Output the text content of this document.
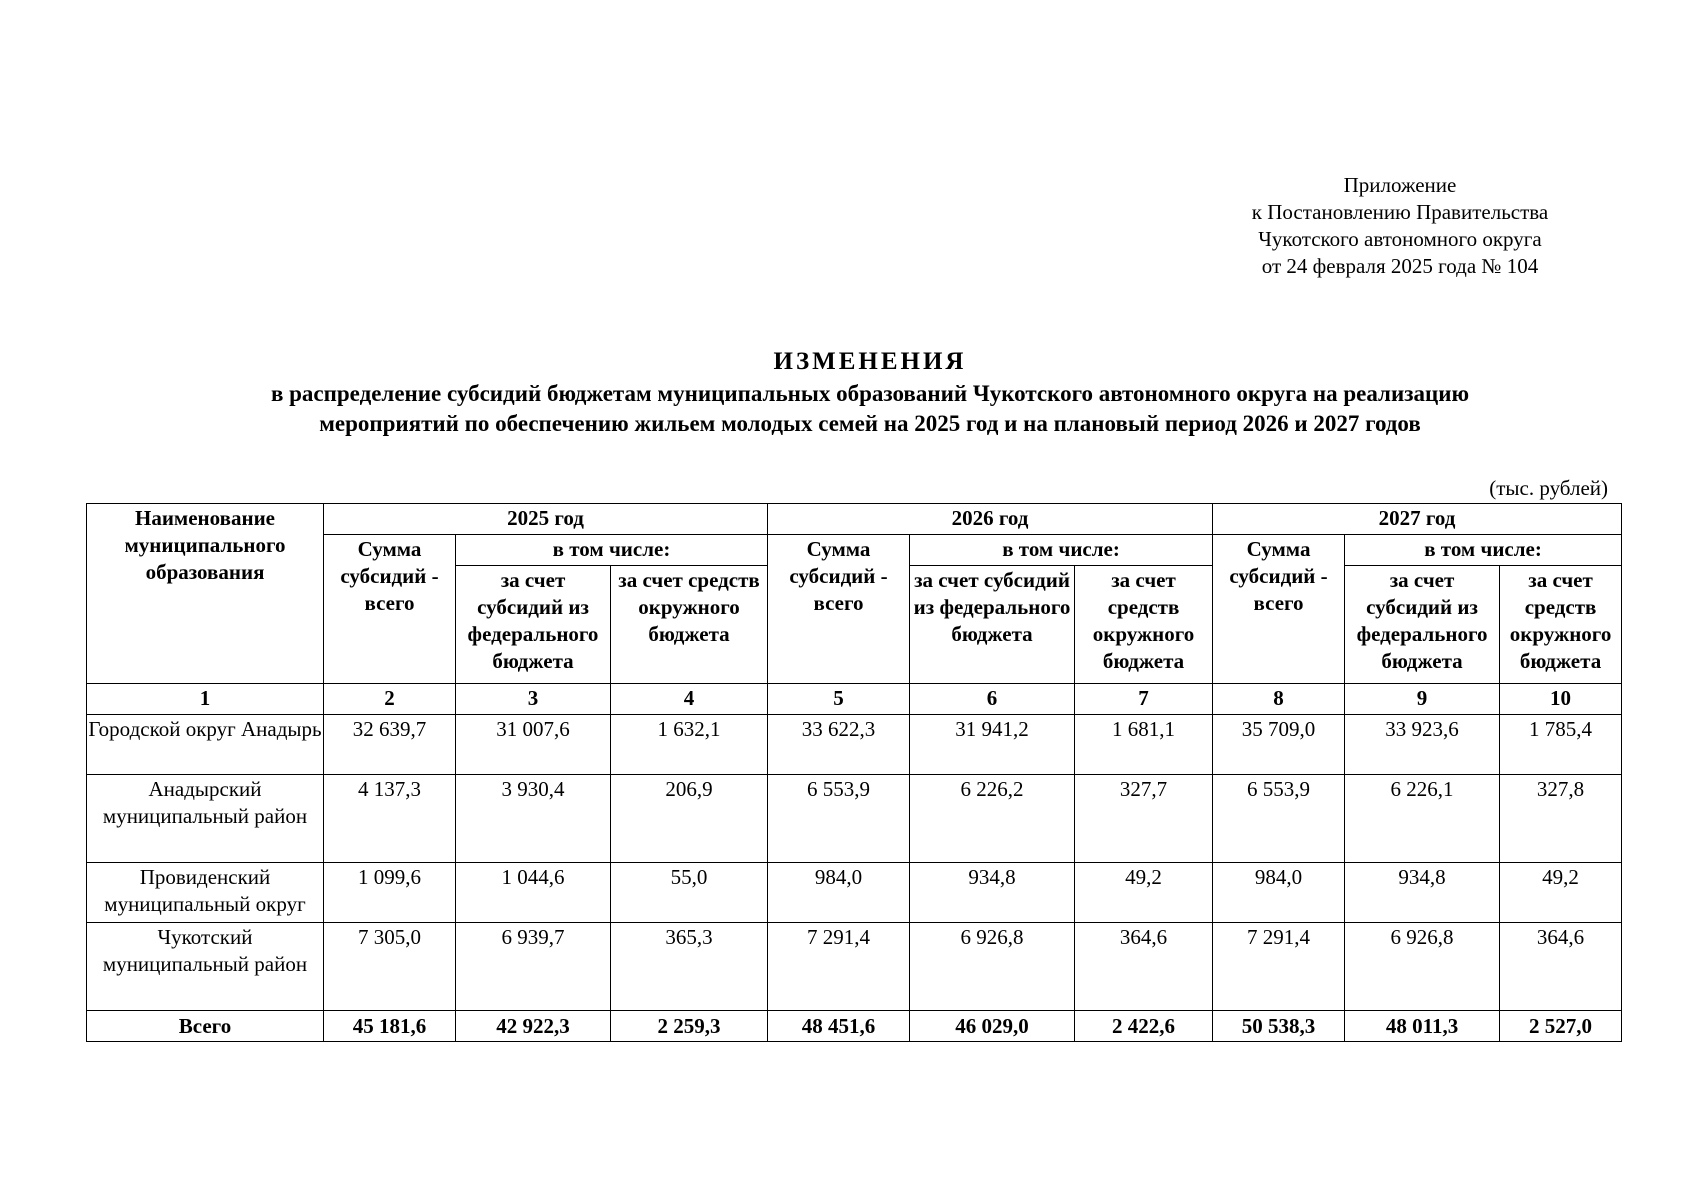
Приложение
к Постановлению Правительства
Чукотского автономного округа
от 24 февраля 2025 года № 104
ИЗМЕНЕНИЯ
в распределение субсидий бюджетам муниципальных образований Чукотского автономного округа на реализацию
мероприятий по обеспечению жильем молодых семей на 2025 год и на плановый период 2026 и 2027 годов
(тыс. рублей)
Наименование муниципального образования	2025 год			2026 год			2027 год		
	Сумма субсидий - всего	в том числе:		Сумма субсидий - всего	в том числе:		Сумма субсидий - всего	в том числе:	
		за счет субсидий из федерального бюджета	за счет средств окружного бюджета		за счет субсидий из федерального бюджета	за счет средств окружного бюджета		за счет субсидий из федерального бюджета	за счет средств окружного бюджета
1	2	3	4	5	6	7	8	9	10
Городской округ Анадырь	32 639,7	31 007,6	1 632,1	33 622,3	31 941,2	1 681,1	35 709,0	33 923,6	1 785,4
Анадырский муниципальный район	4 137,3	3 930,4	206,9	6 553,9	6 226,2	327,7	6 553,9	6 226,1	327,8
Провиденский муниципальный округ	1 099,6	1 044,6	55,0	984,0	934,8	49,2	984,0	934,8	49,2
Чукотский муниципальный район	7 305,0	6 939,7	365,3	7 291,4	6 926,8	364,6	7 291,4	6 926,8	364,6
Всего	45 181,6	42 922,3	2 259,3	48 451,6	46 029,0	2 422,6	50 538,3	48 011,3	2 527,0
